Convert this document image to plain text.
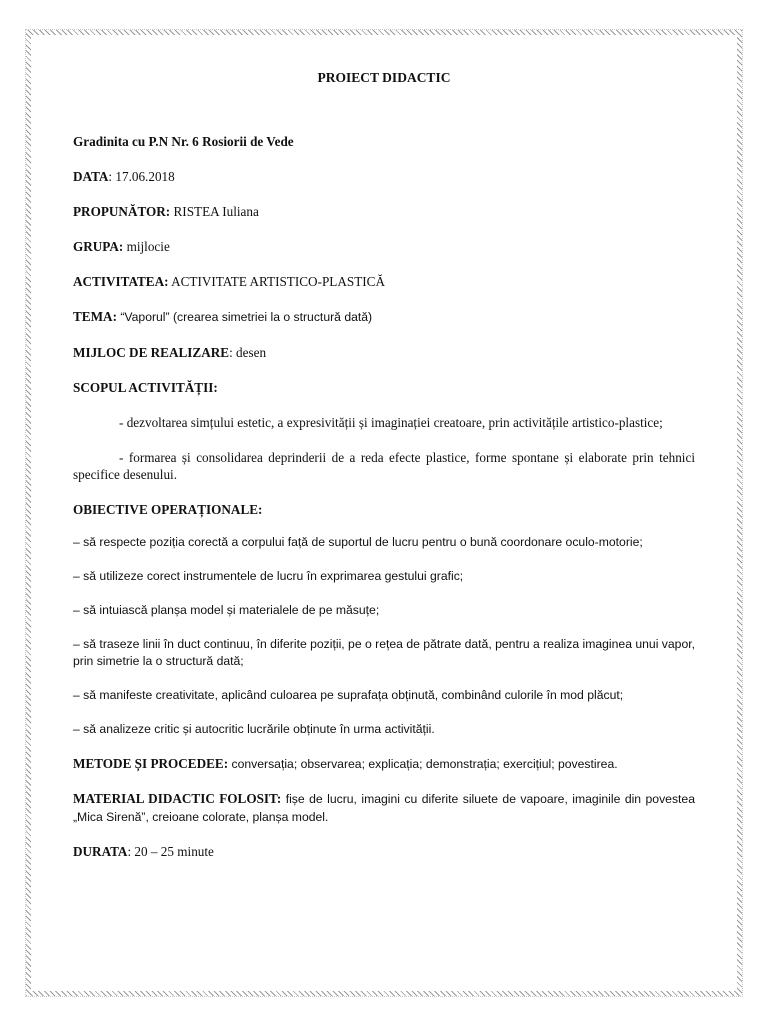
PROIECT DIDACTIC
Gradinita cu P.N Nr. 6 Rosiorii de Vede
DATA: 17.06.2018
PROPUNĂTOR: RISTEA Iuliana
GRUPA: mijlocie
ACTIVITATEA: ACTIVITATE ARTISTICO-PLASTICĂ
TEMA: “Vaporul” (crearea simetriei la o structură dată)
MIJLOC DE REALIZARE: desen
SCOPUL ACTIVITĂȚII:
- dezvoltarea simțului estetic, a expresivității și imaginației creatoare, prin activitățile artistico-plastice;
- formarea și consolidarea deprinderii de a reda efecte plastice, forme spontane și elaborate prin tehnici specifice desenului.
OBIECTIVE OPERAȚIONALE:
– să respecte poziția corectă a corpului față de suportul de lucru pentru o bună coordonare oculo-motorie;
– să utilizeze corect instrumentele de lucru în exprimarea gestului grafic;
– să intuiască planșa model și materialele de pe măsuțe;
– să traseze linii în duct continuu, în diferite poziții, pe o rețea de pătrate dată, pentru a realiza imaginea unui vapor, prin simetrie la o structură dată;
– să manifeste creativitate, aplicând culoarea pe suprafața obținută, combinând culorile în mod plăcut;
– să analizeze critic și autocritic lucrările obținute în urma activității.
METODE ȘI PROCEDEE: conversația; observarea; explicația; demonstrația; exercițiul; povestirea.
MATERIAL DIDACTIC FOLOSIT: fișe de lucru, imagini cu diferite siluete de vapoare, imaginile din povestea „Mica Sirenă”, creioane colorate, planșa model.
DURATA: 20 – 25 minute
